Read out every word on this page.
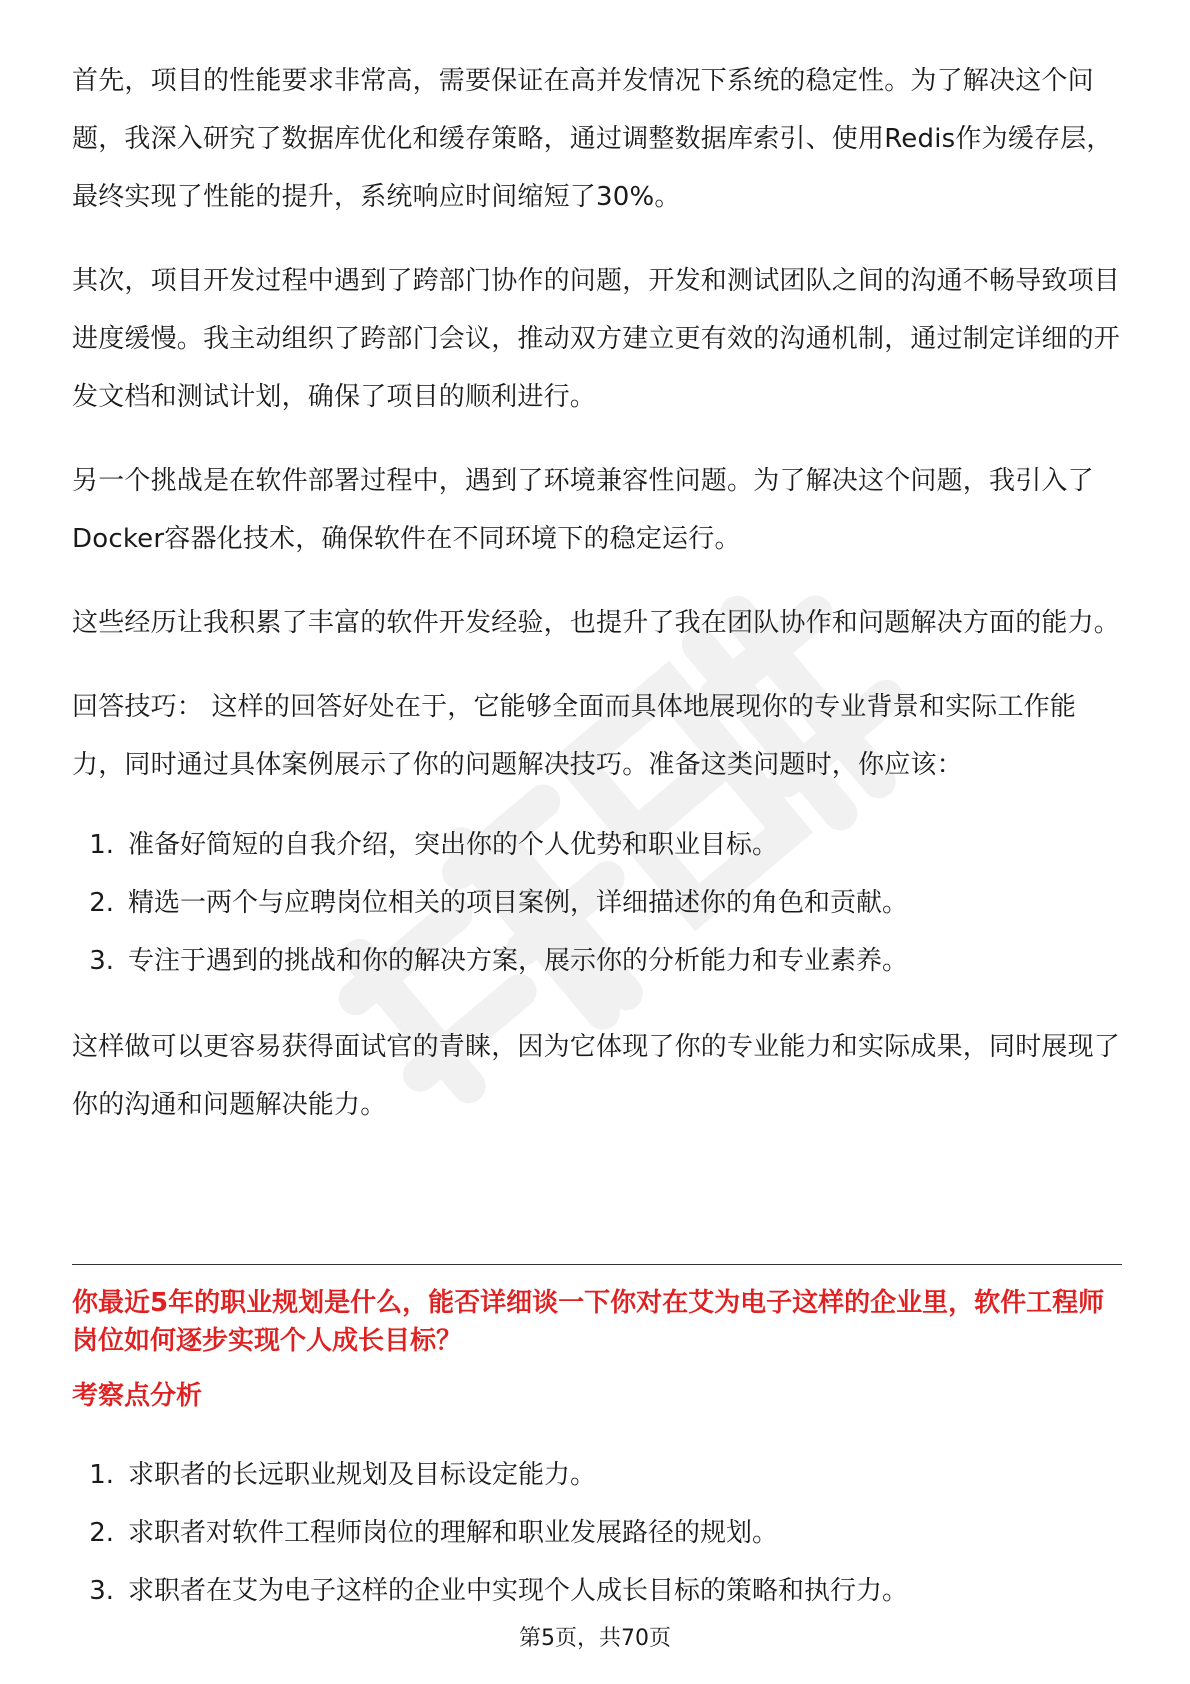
首先，项目的性能要求非常高，需要保证在高并发情况下系统的稳定性。为了解决这个问题，我深入研究了数据库优化和缓存策略，通过调整数据库索引、使用Redis作为缓存层，最终实现了性能的提升，系统响应时间缩短了30%。

其次，项目开发过程中遇到了跨部门协作的问题，开发和测试团队之间的沟通不畅导致项目进度缓慢。我主动组织了跨部门会议，推动双方建立更有效的沟通机制，通过制定详细的开发文档和测试计划，确保了项目的顺利进行。

另一个挑战是在软件部署过程中，遇到了环境兼容性问题。为了解决这个问题，我引入了Docker容器化技术，确保软件在不同环境下的稳定运行。

这些经历让我积累了丰富的软件开发经验，也提升了我在团队协作和问题解决方面的能力。

回答技巧： 这样的回答好处在于，它能够全面而具体地展现你的专业背景和实际工作能力，同时通过具体案例展示了你的问题解决技巧。准备这类问题时，你应该：

1. 准备好简短的自我介绍，突出你的个人优势和职业目标。
2. 精选一两个与应聘岗位相关的项目案例，详细描述你的角色和贡献。
3. 专注于遇到的挑战和你的解决方案，展示你的分析能力和专业素养。

这样做可以更容易获得面试官的青睐，因为它体现了你的专业能力和实际成果，同时展现了你的沟通和问题解决能力。

你最近5年的职业规划是什么，能否详细谈一下你对在艾为电子这样的企业里，软件工程师岗位如何逐步实现个人成长目标？

考察点分析

1. 求职者的长远职业规划及目标设定能力。
2. 求职者对软件工程师岗位的理解和职业发展路径的规划。
3. 求职者在艾为电子这样的企业中实现个人成长目标的策略和执行力。
第5页，共70页
